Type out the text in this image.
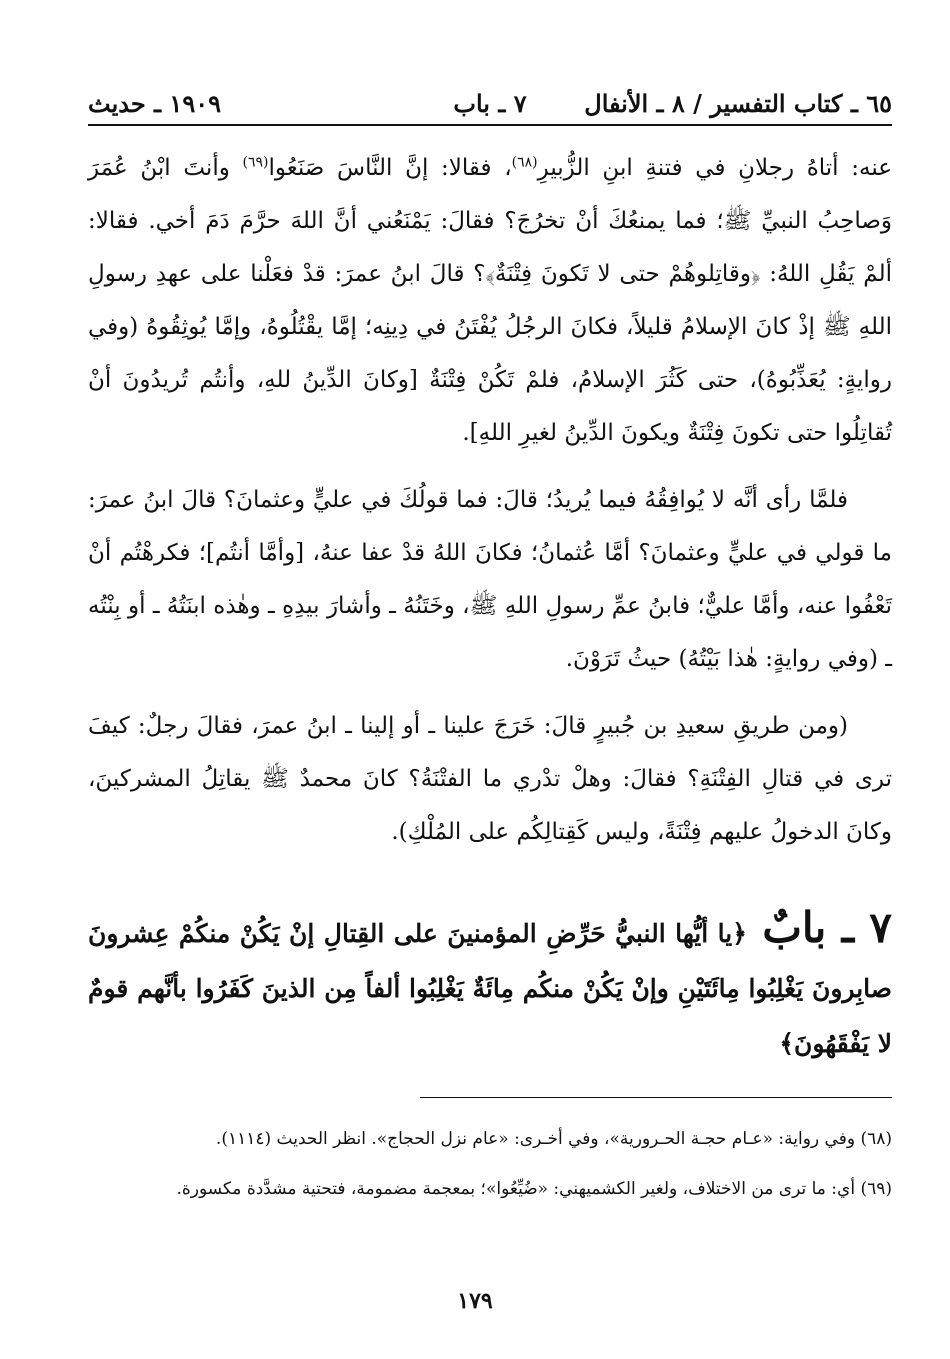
٦٥ ـ كتاب التفسير / ٨ ـ الأنفال
٧ ـ باب
١٩٠٩ ـ حديث

عنه: أتاهُ رجلانِ في فتنةِ ابنِ الزُّبيرِ$^{(٦٨)}$، فقالا: إنَّ النَّاسَ صَنَعُوا$^{(٦٩)}$ وأنتَ ابْنُ عُمَرَ وَصاحِبُ النبيِّ ﷺ؛ فما يمنعُكَ أنْ تخرُجَ؟ فقالَ: يَمْنَعُني أنَّ اللهَ حرَّمَ دَمَ أخي. فقالا: ألمْ يَقُلِ اللهُ: ﴿وقاتِلوهُمْ حتى لا تَكونَ فِتْنَةٌ﴾؟ قالَ ابنُ عمرَ: قدْ فعَلْنا على عهدِ رسولِ اللهِ ﷺ إذْ كانَ الإسلامُ قليلاً، فكانَ الرجُلُ يُفْتَنُ في دِينِه؛ إمَّا يقْتُلُوهُ، وإمَّا يُوثِقُوهُ (وفي روايةٍ: يُعَذِّبُوهُ)، حتى كَثُرَ الإسلامُ، فلمْ تَكُنْ فِتْنَةٌ [وكانَ الدِّينُ للهِ، وأنتُم تُريدُونَ أنْ تُقاتِلُوا حتى تكونَ فِتْنَةٌ ويكونَ الدِّينُ لغيرِ اللهِ].

فلمَّا رأى أنَّه لا يُوافِقُهُ فيما يُريدُ؛ قالَ: فما قولُكَ في عليٍّ وعثمانَ؟ قالَ ابنُ عمرَ: ما قولي في عليٍّ وعثمانَ؟ أمَّا عُثمانُ؛ فكانَ اللهُ قدْ عفا عنهُ، [وأمَّا أنتُم]؛ فكرهْتُم أنْ تَعْفُوا عنه، وأمَّا عليٌّ؛ فابنُ عمِّ رسولِ اللهِ ﷺ، وخَتَنُهُ ـ وأشارَ بيدِهِ ـ وهٰذه ابنَتُهُ ـ أو بِنْتُه ـ (وفي روايةٍ: هٰذا بَيْتُهُ) حيثُ تَرَوْنَ.

(ومن طريقِ سعيدِ بن جُبيرٍ قالَ: خَرَجَ علينا ـ أو إلينا ـ ابنُ عمرَ، فقالَ رجلٌ: كيفَ ترى في قتالِ الفِتْنَةِ؟ فقالَ: وهلْ تدْري ما الفتْنَةُ؟ كانَ محمدٌ ﷺ يقاتِلُ المشركينَ، وكانَ الدخولُ عليهم فِتْنَةً، وليس كَقِتالِكُم على المُلْكِ).

٧ ـ بابٌ ﴿يا أيُّها النبيُّ حَرِّضِ المؤمنينَ على القِتالِ إنْ يَكُنْ منكُمْ عِشرونَ صابِرونَ يَغْلِبُوا مِائَتَيْنِ وإنْ يَكُنْ منكُم مِائَةٌ يَغْلِبُوا ألفاً مِن الذينَ كَفَرُوا بأنَّهم قومٌ لا يَفْقَهُونَ﴾

(٦٨) وفي رواية: «عـام حجـة الحـرورية»، وفي أخـرى: «عام نزل الحجاج». انظر الحديث (١١١٤).

(٦٩) أي: ما ترى من الاختلاف، ولغير الكشميهني: «ضُيِّعُوا»؛ بمعجمة مضمومة، فتحتية مشدَّدة مكسورة.

١٧٩
